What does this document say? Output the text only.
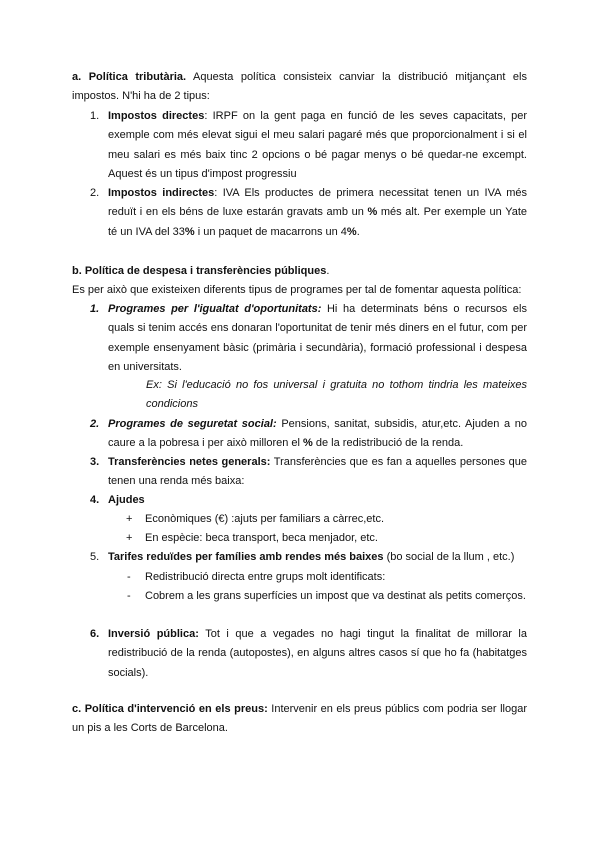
a. Política tributària. Aquesta política consisteix canviar la distribució mitjançant els impostos. N'hi ha de 2 tipus:

1. Impostos directes: IRPF on la gent paga en funció de les seves capacitats, per exemple com més elevat sigui el meu salari pagaré més que proporcionalment i si el meu salari es més baix tinc 2 opcions o bé pagar menys o bé quedar-ne excempt. Aquest és un tipus d'impost progressiu

2. Impostos indirectes: IVA Els productes de primera necessitat tenen un IVA més reduït i en els béns de luxe estarán gravats amb un % més alt. Per exemple un Yate té un IVA del 33% i un paquet de macarrons un 4%.

b. Política de despesa i transferències públiques.

Es per això que existeixen diferents tipus de programes per tal de fomentar aquesta política:

1. Programes per l'igualtat d'oportunitats: Hi ha determinats béns o recursos els quals si tenim accés ens donaran l'oportunitat de tenir més diners en el futur, com per exemple ensenyament bàsic (primària i secundària), formació professional i despesa en universitats.

Ex: Si l'educació no fos universal i gratuita no tothom tindria les mateixes condicions

2. Programes de seguretat social: Pensions, sanitat, subsidis, atur,etc. Ajuden a no caure a la pobresa i per això milloren el % de la redistribució de la renda.

3. Transferències netes generals: Transferències que es fan a aquelles persones que tenen una renda més baixa:

4. Ajudes

+ Econòmiques (€) :ajuts per familiars a càrrec,etc.

+ En espècie: beca transport, beca menjador, etc.

5. Tarifes reduïdes per famílies amb rendes més baixes (bo social de la llum , etc.)

- Redistribució directa entre grups molt identificats:

- Cobrem a les grans superfícies un impost que va destinat als petits comerços.

6. Inversió pública: Tot i que a vegades no hagi tingut la finalitat de millorar la redistribució de la renda (autopostes), en alguns altres casos sí que ho fa (habitatges socials).

c. Política d'intervenció en els preus: Intervenir en els preus públics com podria ser llogar un pis a les Corts de Barcelona.
